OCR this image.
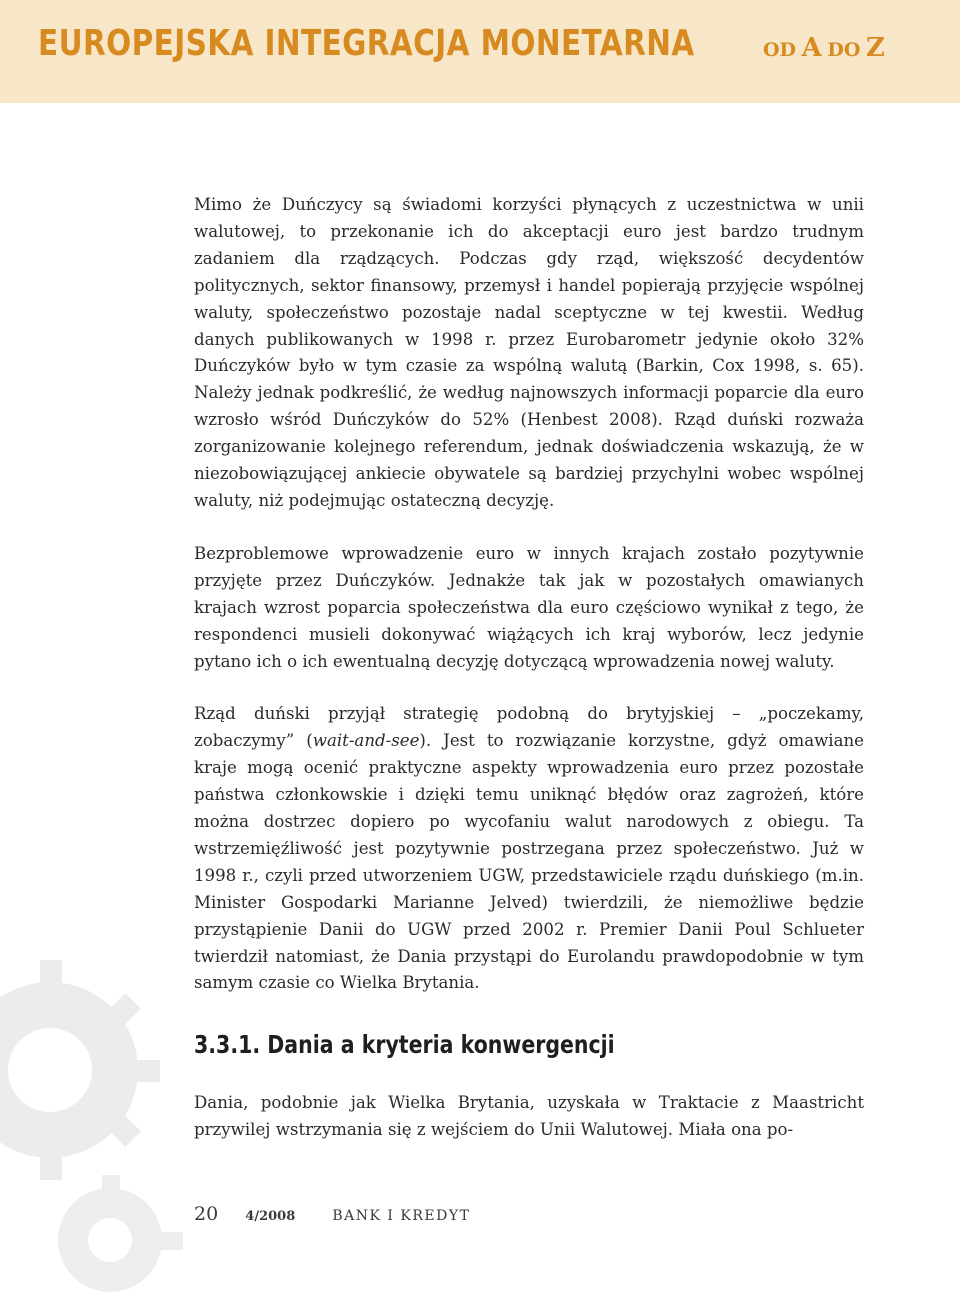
EUROPEJSKA INTEGRACJA MONETARNA	OD A DO Z

Mimo że Duńczycy są świadomi korzyści płynących z uczestnictwa w unii walutowej, to przekonanie ich do akceptacji euro jest bardzo trudnym zadaniem dla rządzących. Podczas gdy rząd, większość decydentów politycznych, sektor finansowy, przemysł i handel popierają przyjęcie wspólnej waluty, społeczeństwo pozostaje nadal sceptyczne w tej kwestii. Według danych publikowanych w 1998 r. przez Eurobarometr jedynie około 32% Duńczyków było w tym czasie za wspólną walutą (Barkin, Cox 1998, s. 65). Należy jednak podkreślić, że według najnowszych informacji poparcie dla euro wzrosło wśród Duńczyków do 52% (Henbest 2008). Rząd duński rozważa zorganizowanie kolejnego referendum, jednak doświadczenia wskazują, że w niezobowiązującej ankiecie obywatele są bardziej przychylni wobec wspólnej waluty, niż podejmując ostateczną decyzję.

Bezproblemowe wprowadzenie euro w innych krajach zostało pozytywnie przyjęte przez Duńczyków. Jednakże tak jak w pozostałych omawianych krajach wzrost poparcia społeczeństwa dla euro częściowo wynikał z tego, że respondenci musieli dokonywać wiążących ich kraj wyborów, lecz jedynie pytano ich o ich ewentualną decyzję dotyczącą wprowadzenia nowej waluty.

Rząd duński przyjął strategię podobną do brytyjskiej – „poczekamy, zobaczymy” (wait-and-see). Jest to rozwiązanie korzystne, gdyż omawiane kraje mogą ocenić praktyczne aspekty wprowadzenia euro przez pozostałe państwa członkowskie i dzięki temu uniknąć błędów oraz zagrożeń, które można dostrzec dopiero po wycofaniu walut narodowych z obiegu. Ta wstrzemięźliwość jest pozytywnie postrzegana przez społeczeństwo. Już w 1998 r., czyli przed utworzeniem UGW, przedstawiciele rządu duńskiego (m.in. Minister Gospodarki Marianne Jelved) twierdzili, że niemożliwe będzie przystąpienie Danii do UGW przed 2002 r. Premier Danii Poul Schlueter twierdził natomiast, że Dania przystąpi do Eurolandu prawdopodobnie w tym samym czasie co Wielka Brytania.

3.3.1. Dania a kryteria konwergencji

Dania, podobnie jak Wielka Brytania, uzyskała w Traktacie z Maastricht przywilej wstrzymania się z wejściem do Unii Walutowej. Miała ona po-

20 4/2008	BANK I KREDYT
